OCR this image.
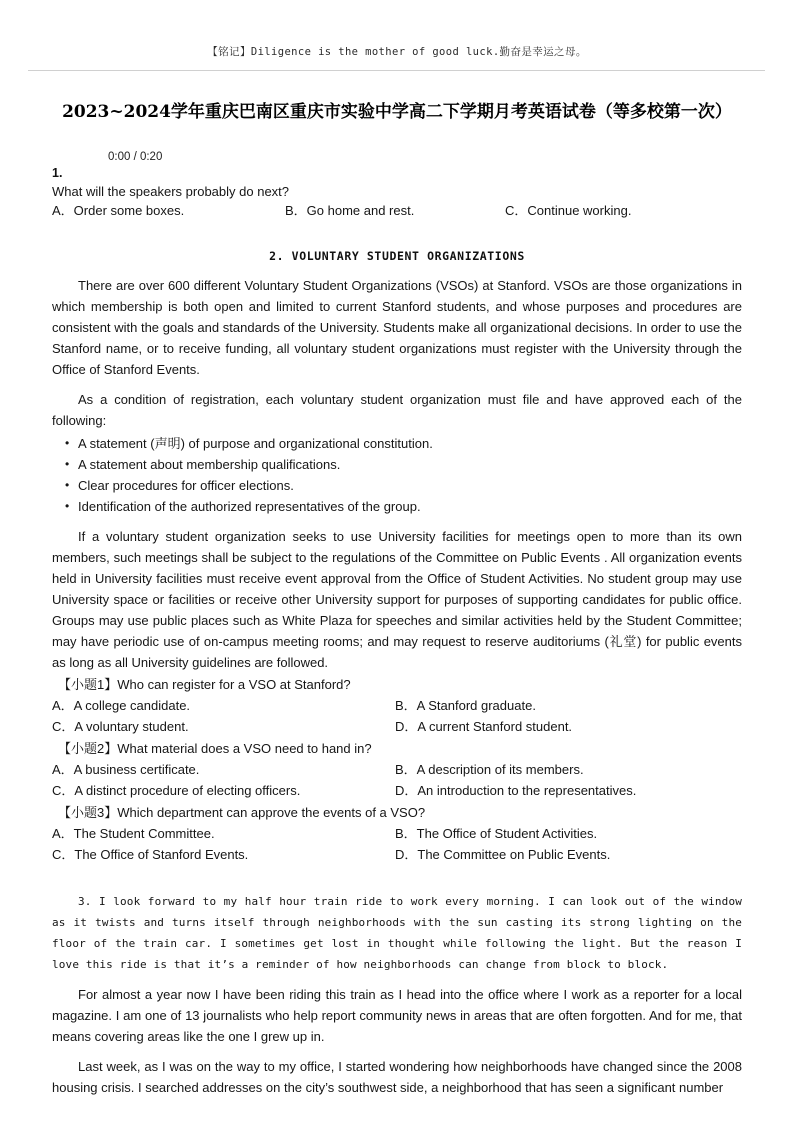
【铭记】Diligence is the mother of good luck.勤奋是幸运之母。
2023~2024学年重庆巴南区重庆市实验中学高二下学期月考英语试卷（等多校第一次）
0:00 / 0:20
1.
What will the speakers probably do next?
A．Order some boxes.	B．Go home and rest.	C．Continue working.
2. VOLUNTARY STUDENT ORGANIZATIONS
There are over 600 different Voluntary Student Organizations (VSOs) at Stanford. VSOs are those organizations in which membership is both open and limited to current Stanford students, and whose purposes and procedures are consistent with the goals and standards of the University. Students make all organizational decisions. In order to use the Stanford name, or to receive funding, all voluntary student organizations must register with the University through the Office of Stanford Events.
As a condition of registration, each voluntary student organization must file and have approved each of the following:
• A statement (声明) of purpose and organizational constitution.
• A statement about membership qualifications.
• Clear procedures for officer elections.
• Identification of the authorized representatives of the group.
If a voluntary student organization seeks to use University facilities for meetings open to more than its own members, such meetings shall be subject to the regulations of the Committee on Public Events . All organization events held in University facilities must receive event approval from the Office of Student Activities. No student group may use University space or facilities or receive other University support for purposes of supporting candidates for public office. Groups may use public places such as White Plaza for speeches and similar activities held by the Student Committee; may have periodic use of on-campus meeting rooms; and may request to reserve auditoriums (礼堂) for public events as long as all University guidelines are followed.
【小题1】Who can register for a VSO at Stanford?
A．A college candidate.	B．A Stanford graduate.
C．A voluntary student.	D．A current Stanford student.
【小题2】What material does a VSO need to hand in?
A．A business certificate.	B．A description of its members.
C．A distinct procedure of electing officers.	D．An introduction to the representatives.
【小题3】Which department can approve the events of a VSO?
A．The Student Committee.	B．The Office of Student Activities.
C．The Office of Stanford Events.	D．The Committee on Public Events.
3. I look forward to my half hour train ride to work every morning. I can look out of the window as it twists and turns itself through neighborhoods with the sun casting its strong lighting on the floor of the train car. I sometimes get lost in thought while following the light. But the reason I love this ride is that it’s a reminder of how neighborhoods can change from block to block.
For almost a year now I have been riding this train as I head into the office where I work as a reporter for a local magazine. I am one of 13 journalists who help report community news in areas that are often forgotten. And for me, that means covering areas like the one I grew up in.
Last week, as I was on the way to my office, I started wondering how neighborhoods have changed since the 2008 housing crisis. I searched addresses on the city’s southwest side, a neighborhood that has seen a significant number
